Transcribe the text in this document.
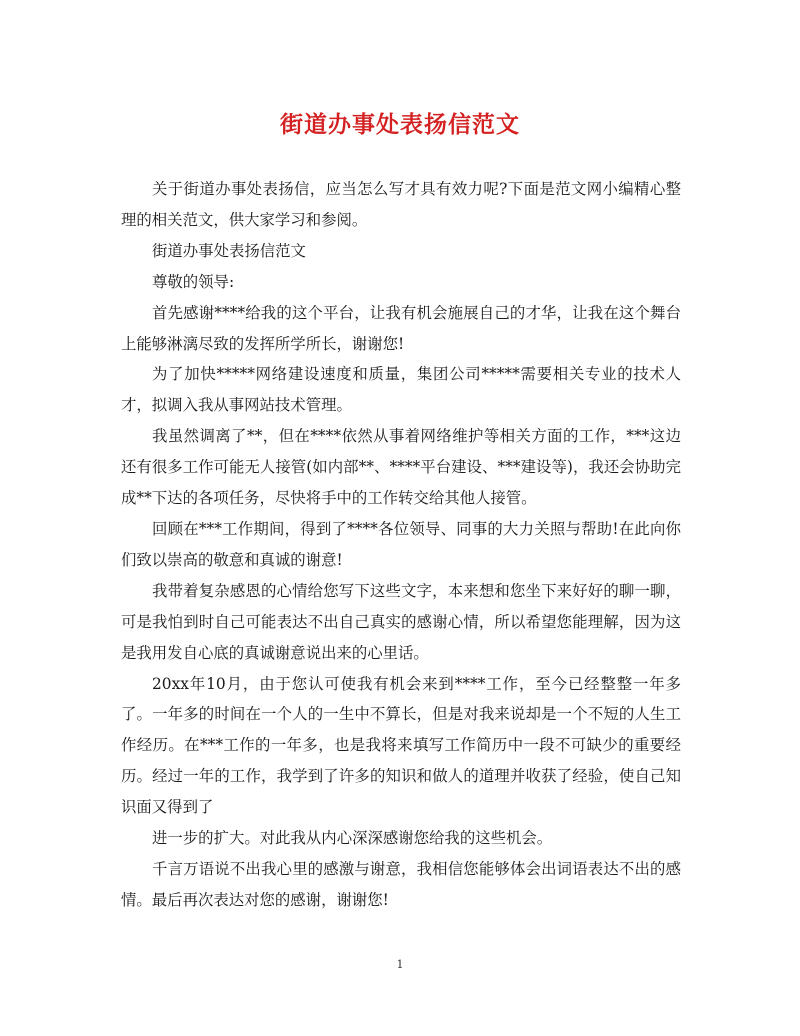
街道办事处表扬信范文

关于街道办事处表扬信，应当怎么写才具有效力呢?下面是范文网小编精心整理的相关范文，供大家学习和参阅。

街道办事处表扬信范文

尊敬的领导:

首先感谢****给我的这个平台，让我有机会施展自己的才华，让我在这个舞台上能够淋漓尽致的发挥所学所长，谢谢您!

为了加快*****网络建设速度和质量，集团公司*****需要相关专业的技术人才，拟调入我从事网站技术管理。

我虽然调离了**，但在****依然从事着网络维护等相关方面的工作，***这边还有很多工作可能无人接管(如内部**、****平台建设、***建设等)，我还会协助完成**下达的各项任务，尽快将手中的工作转交给其他人接管。

回顾在***工作期间，得到了****各位领导、同事的大力关照与帮助!在此向你们致以崇高的敬意和真诚的谢意!

我带着复杂感恩的心情给您写下这些文字，本来想和您坐下来好好的聊一聊，可是我怕到时自己可能表达不出自己真实的感谢心情，所以希望您能理解，因为这是我用发自心底的真诚谢意说出来的心里话。

20xx年10月，由于您认可使我有机会来到****工作，至今已经整整一年多了。一年多的时间在一个人的一生中不算长，但是对我来说却是一个不短的人生工作经历。在***工作的一年多，也是我将来填写工作简历中一段不可缺少的重要经历。经过一年的工作，我学到了许多的知识和做人的道理并收获了经验，使自己知识面又得到了

进一步的扩大。对此我从内心深深感谢您给我的这些机会。

千言万语说不出我心里的感激与谢意，我相信您能够体会出词语表达不出的感情。最后再次表达对您的感谢，谢谢您!

1
